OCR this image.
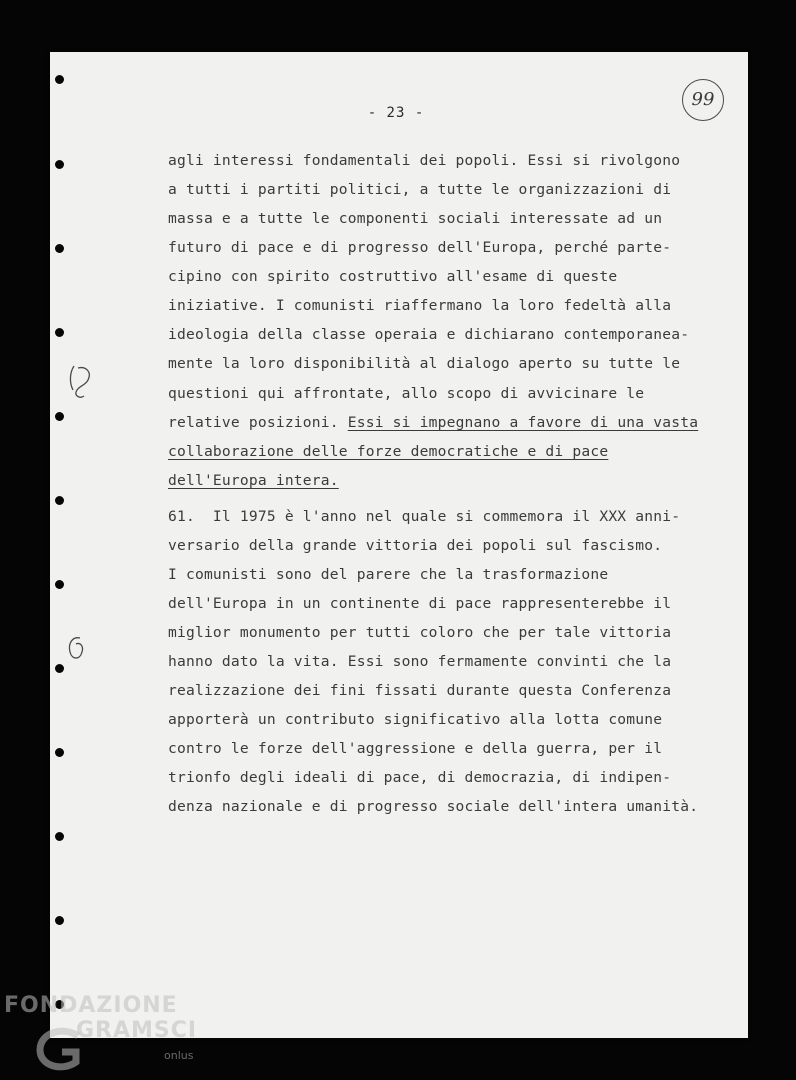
- 23 -
99
agli interessi fondamentali dei popoli. Essi si rivolgono
a tutti i partiti politici, a tutte le organizzazioni di
massa e a tutte le componenti sociali interessate ad un
futuro di pace e di progresso dell'Europa, perché parte-
cipino con spirito costruttivo all'esame di queste
iniziative. I comunisti riaffermano la loro fedeltà alla
ideologia della classe operaia e dichiarano contemporanea-
mente la loro disponibilità al dialogo aperto su tutte le
questioni qui affrontate, allo scopo di avvicinare le
relative posizioni. Essi si impegnano a favore di una vasta
collaborazione delle forze democratiche e di pace
dell'Europa intera.
61.  Il 1975 è l'anno nel quale si commemora il XXX anni-
versario della grande vittoria dei popoli sul fascismo.
I comunisti sono del parere che la trasformazione
dell'Europa in un continente di pace rappresenterebbe il
miglior monumento per tutti coloro che per tale vittoria
hanno dato la vita. Essi sono fermamente convinti che la
realizzazione dei fini fissati durante questa Conferenza
apporterà un contributo significativo alla lotta comune
contro le forze dell'aggressione e della guerra, per il
trionfo degli ideali di pace, di democrazia, di indipen-
denza nazionale e di progresso sociale dell'intera umanità.
FONDAZIONE
GRAMSCI
onlus
